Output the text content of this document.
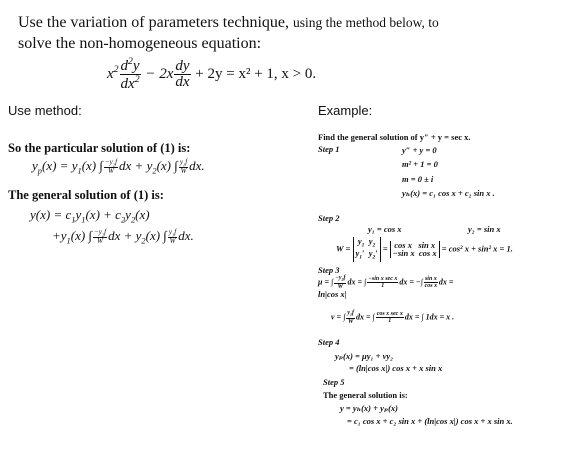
Use the variation of parameters technique, using the method below, to
solve the non-homogeneous equation:
$x^2 \frac{d^2y}{dx^2} - 2x \frac{dy}{dx} + 2y = x^2 + 1$, x > 0.
Use method:
So the particular solution of (1) is:
$y_p(x) = y_1(x)$ ∫ $\frac{-y_2f}{W}$ dx + $y_2(x)$ ∫ $\frac{y_1f}{W}$ dx.
The general solution of (1) is:
$y(x) = c_1y_1(x) + c_2y_2(x)$
$+y_1(x)$ ∫ $\frac{-y_2f}{W}$ dx + $y_2(x)$ ∫ $\frac{y_1f}{W}$ dx.
Example:
Find the general solution of y″ + y = sec x.
Step 1	y″ + y = 0
m² + 1 = 0
m = 0 ± i
yₕ(x) = c₁ cos x + c₂ sin x .
Step 2
y₁ = cos x	y₂ = sin x
W =
$y_1$  $y_2$
$y_1'$  $y_2'$
= cos x   sin x
−sin x  cos x
= cos² x + sin² x = 1.
Step 3
μ = ∫ $\frac{-y_2f}{W}$ dx = ∫ $\frac{\text{−sin x sec x}}{1}$ dx = −∫ $\frac{\text{sin x}}{\text{cos x}}$ dx =
ln|cos x|
ν = ∫ $\frac{y_1f}{W}$ dx = ∫ $\frac{\text{cos x sec x}}{1}$ dx = ∫ 1dx = x .
Step 4
yₚ(x) = μy₁ + νy₂
= (ln|cos x|) cos x + x sin x
Step 5
The general solution is:
y = yₕ(x) + yₚ(x)
= c₁ cos x + c₂ sin x + (ln|cos x|) cos x + x sin x.
